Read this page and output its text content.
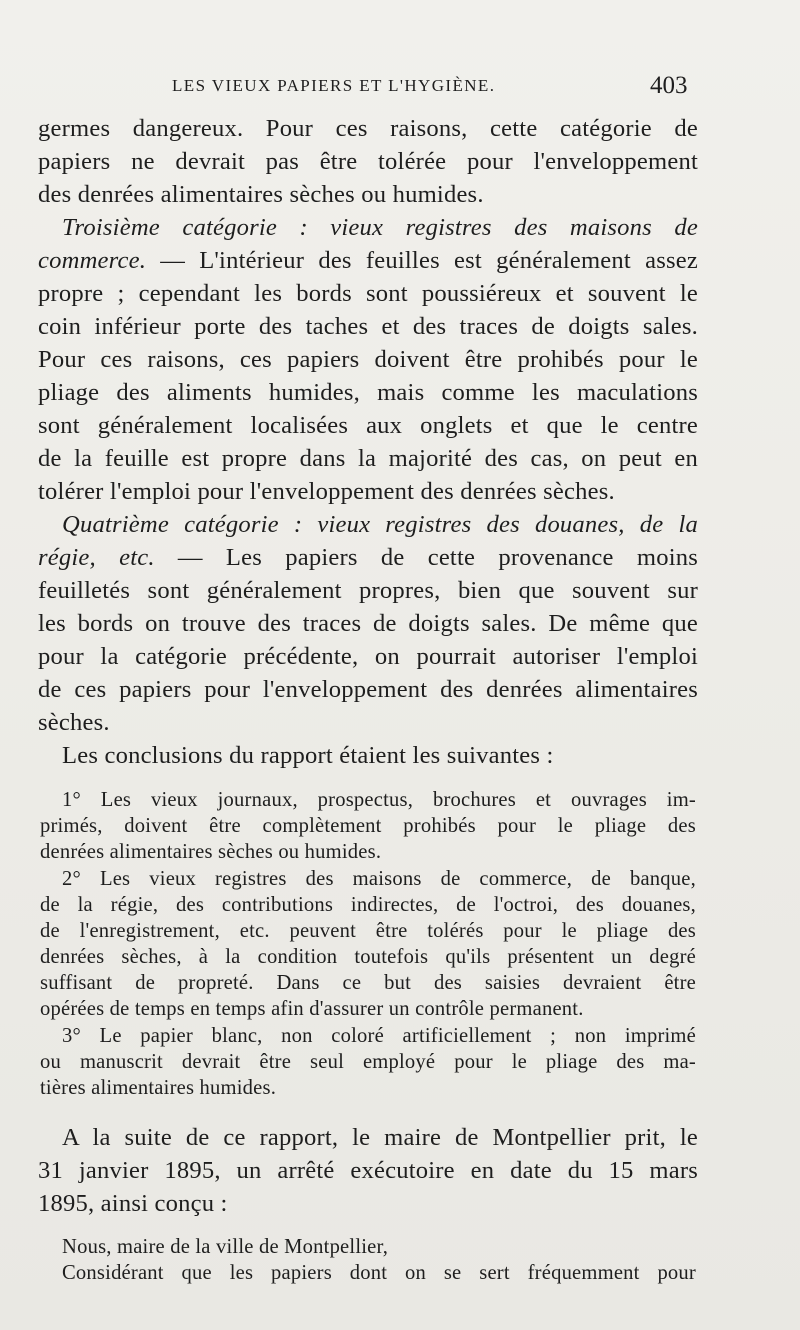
LES VIEUX PAPIERS ET L'HYGIÈNE.	403
germes dangereux. Pour ces raisons, cette catégorie de
papiers ne devrait pas être tolérée pour l'enveloppement
des denrées alimentaires sèches ou humides.
Troisième catégorie : vieux registres des maisons de
commerce. — L'intérieur des feuilles est généralement assez
propre ; cependant les bords sont poussiéreux et souvent le
coin inférieur porte des taches et des traces de doigts sales.
Pour ces raisons, ces papiers doivent être prohibés pour le
pliage des aliments humides, mais comme les maculations
sont généralement localisées aux onglets et que le centre
de la feuille est propre dans la majorité des cas, on peut en
tolérer l'emploi pour l'enveloppement des denrées sèches.
Quatrième catégorie : vieux registres des douanes, de la
régie, etc. — Les papiers de cette provenance moins
feuilletés sont généralement propres, bien que souvent sur
les bords on trouve des traces de doigts sales. De même que
pour la catégorie précédente, on pourrait autoriser l'emploi
de ces papiers pour l'enveloppement des denrées alimentaires
sèches.
Les conclusions du rapport étaient les suivantes :
1° Les vieux journaux, prospectus, brochures et ouvrages im-
primés, doivent être complètement prohibés pour le pliage des
denrées alimentaires sèches ou humides.
2° Les vieux registres des maisons de commerce, de banque,
de la régie, des contributions indirectes, de l'octroi, des douanes,
de l'enregistrement, etc. peuvent être tolérés pour le pliage des
denrées sèches, à la condition toutefois qu'ils présentent un degré
suffisant de propreté. Dans ce but des saisies devraient être
opérées de temps en temps afin d'assurer un contrôle permanent.
3° Le papier blanc, non coloré artificiellement ; non imprimé
ou manuscrit devrait être seul employé pour le pliage des ma-
tières alimentaires humides.
A la suite de ce rapport, le maire de Montpellier prit, le
31 janvier 1895, un arrêté exécutoire en date du 15 mars
1895, ainsi conçu :
Nous, maire de la ville de Montpellier,
Considérant que les papiers dont on se sert fréquemment pour
